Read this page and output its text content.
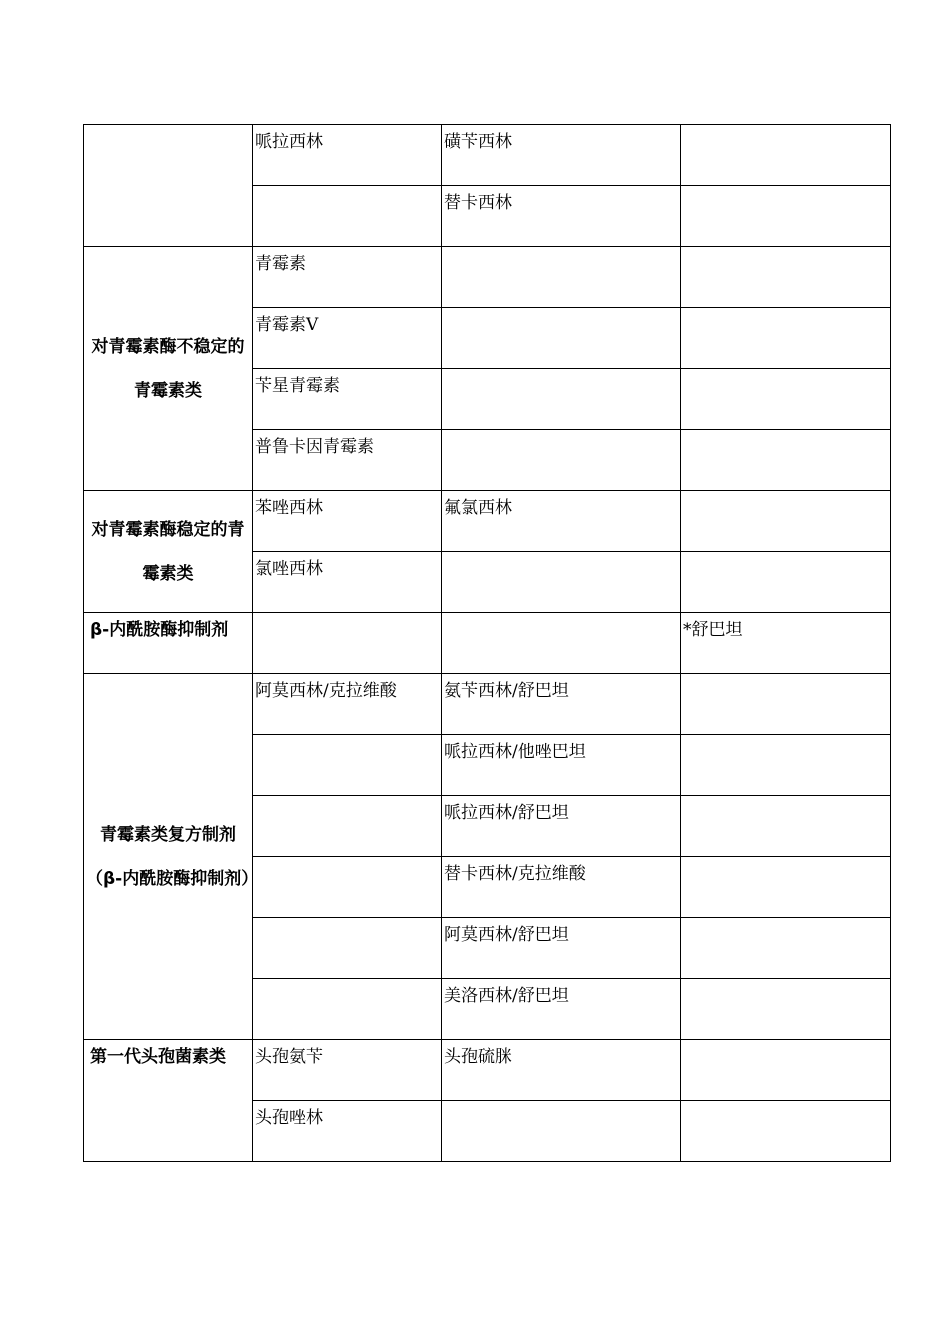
	哌拉西林	磺苄西林	
		替卡西林	
对青霉素酶不稳定的青霉素类	青霉素		
	青霉素V		
	苄星青霉素		
	普鲁卡因青霉素		
对青霉素酶稳定的青霉素类	苯唑西林	氟氯西林	
	氯唑西林		
β-内酰胺酶抑制剂			*舒巴坦
青霉素类复方制剂（β-内酰胺酶抑制剂）	阿莫西林/克拉维酸	氨苄西林/舒巴坦	
		哌拉西林/他唑巴坦	
		哌拉西林/舒巴坦	
		替卡西林/克拉维酸	
		阿莫西林/舒巴坦	
		美洛西林/舒巴坦	
第一代头孢菌素类	头孢氨苄	头孢硫脒	
	头孢唑林		
